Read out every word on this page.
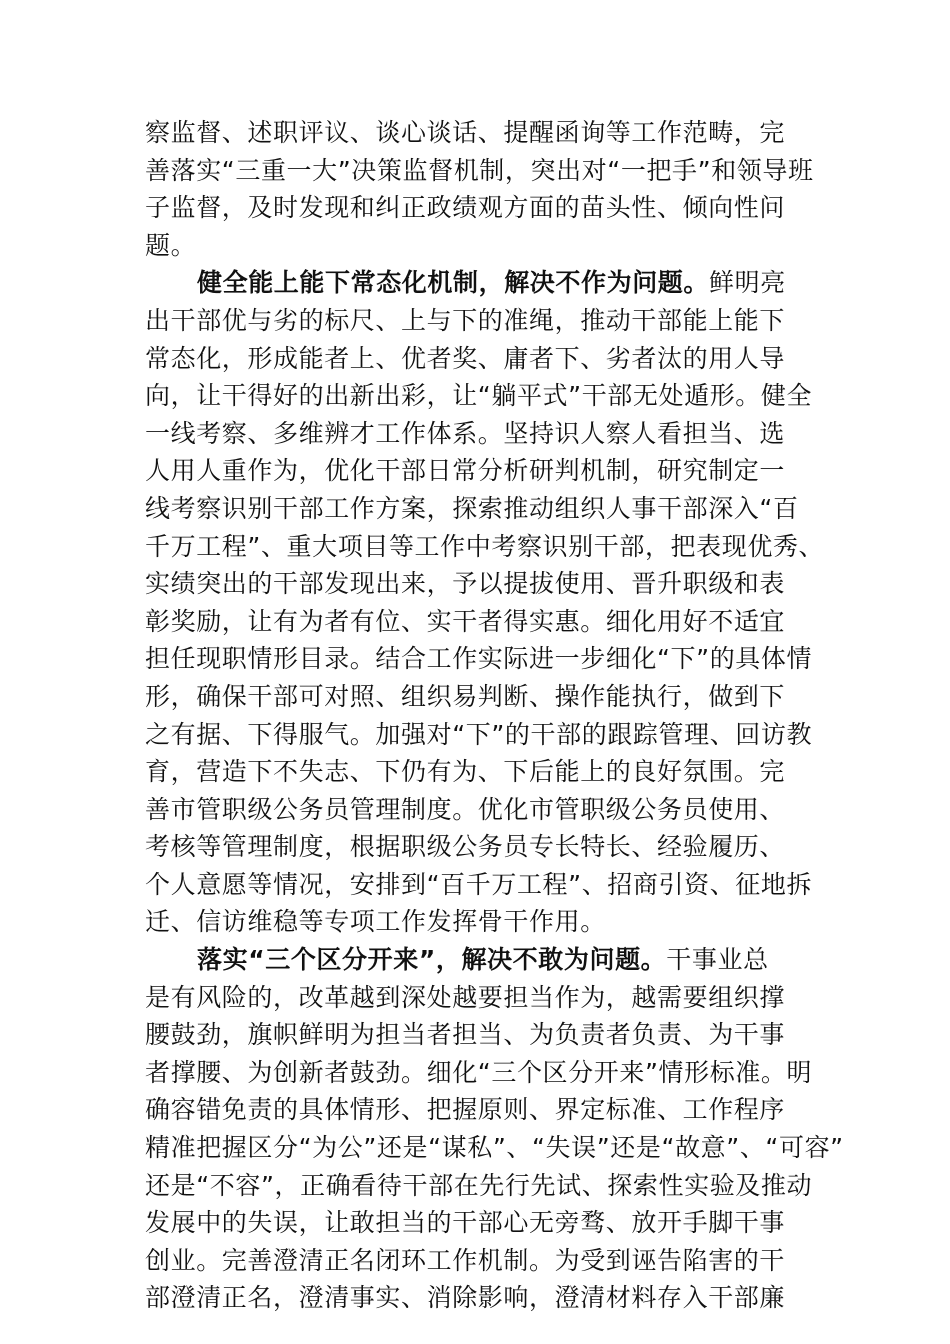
察监督、述职评议、谈心谈话、提醒函询等工作范畴，完
善落实“三重一大”决策监督机制，突出对“一把手”和领导班
子监督，及时发现和纠正政绩观方面的苗头性、倾向性问
题。
健全能上能下常态化机制，解决不作为问题。鲜明亮
出干部优与劣的标尺、上与下的准绳，推动干部能上能下
常态化，形成能者上、优者奖、庸者下、劣者汰的用人导
向，让干得好的出新出彩，让“躺平式”干部无处遁形。健全
一线考察、多维辨才工作体系。坚持识人察人看担当、选
人用人重作为，优化干部日常分析研判机制，研究制定一
线考察识别干部工作方案，探索推动组织人事干部深入“百
千万工程”、重大项目等工作中考察识别干部，把表现优秀、
实绩突出的干部发现出来，予以提拔使用、晋升职级和表
彰奖励，让有为者有位、实干者得实惠。细化用好不适宜
担任现职情形目录。结合工作实际进一步细化“下”的具体情
形，确保干部可对照、组织易判断、操作能执行，做到下
之有据、下得服气。加强对“下”的干部的跟踪管理、回访教
育，营造下不失志、下仍有为、下后能上的良好氛围。完
善市管职级公务员管理制度。优化市管职级公务员使用、
考核等管理制度，根据职级公务员专长特长、经验履历、
个人意愿等情况，安排到“百千万工程”、招商引资、征地拆
迁、信访维稳等专项工作发挥骨干作用。
落实“三个区分开来”，解决不敢为问题。干事业总
是有风险的，改革越到深处越要担当作为，越需要组织撑
腰鼓劲，旗帜鲜明为担当者担当、为负责者负责、为干事
者撑腰、为创新者鼓劲。细化“三个区分开来”情形标准。明
确容错免责的具体情形、把握原则、界定标准、工作程序
精准把握区分“为公”还是“谋私”、“失误”还是“故意”、“可容”
还是“不容”，正确看待干部在先行先试、探索性实验及推动
发展中的失误，让敢担当的干部心无旁骛、放开手脚干事
创业。完善澄清正名闭环工作机制。为受到诬告陷害的干
部澄清正名，澄清事实、消除影响，澄清材料存入干部廉
